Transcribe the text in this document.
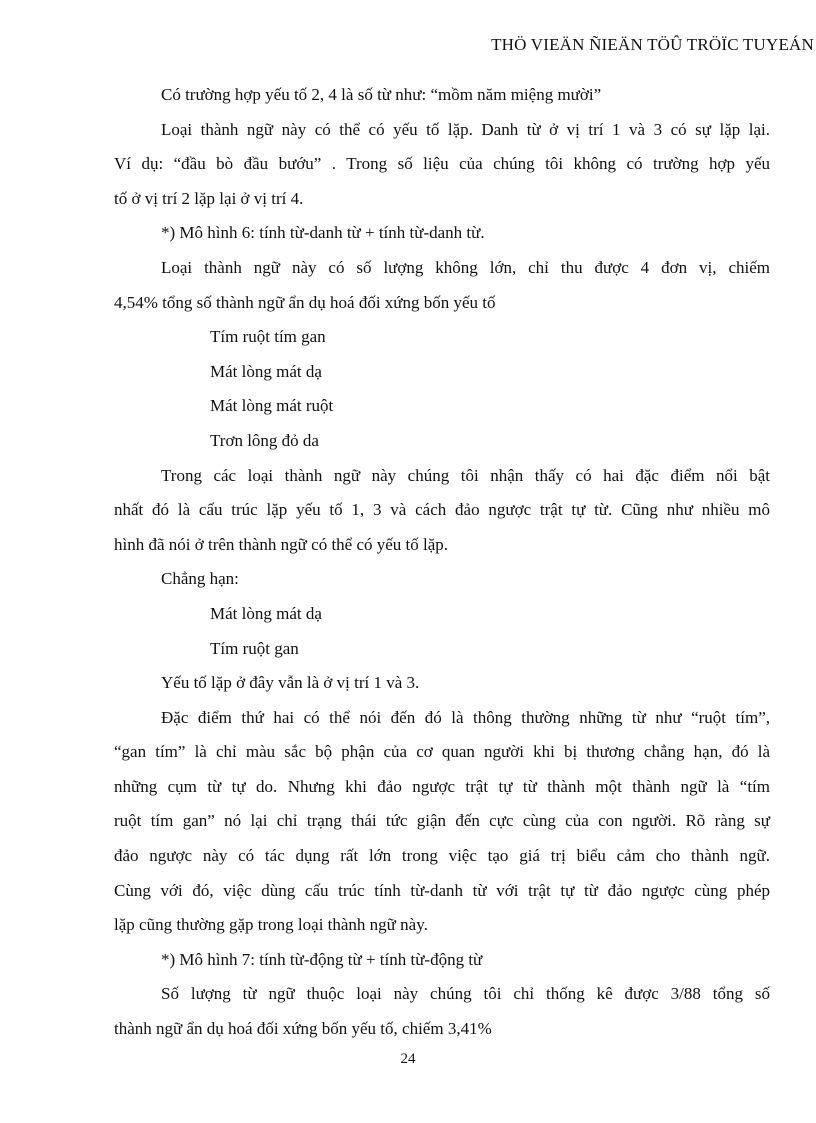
THÖ VIEÄN ÑIEÄN TÖÛ TRÖÏC TUYEÁN

Có trường hợp yếu tố 2, 4 là số từ như: “mồm năm miệng mười”

Loại thành ngữ này có thể có yếu tố lặp. Danh từ ở vị trí 1 và 3 có sự lặp lại.

Ví dụ: “đầu bò đầu bướu” . Trong số liệu của chúng tôi không có trường hợp yếu

tố ở vị trí 2 lặp lại ở vị trí 4.

*) Mô hình 6: tính từ-danh từ + tính từ-danh từ.

Loại thành ngữ này có số lượng không lớn, chỉ thu được 4 đơn vị, chiếm

4,54% tổng số thành ngữ ẩn dụ hoá đối xứng bốn yếu tố

Tím ruột tím gan

Mát lòng mát dạ

Mát lòng mát ruột

Trơn lông đỏ da

Trong các loại thành ngữ này chúng tôi nhận thấy có hai đặc điểm nổi bật

nhất đó là cấu trúc lặp yếu tố 1, 3 và cách đảo ngược trật tự từ. Cũng như nhiều mô

hình đã nói ở trên thành ngữ có thể có yếu tố lặp.

Chẳng hạn:

Mát lòng mát dạ

Tím ruột gan

Yếu tố lặp ở đây vẫn là ở vị trí 1 và 3.

Đặc điểm thứ hai có thể nói đến đó là thông thường những từ như “ruột tím”,

“gan tím” là chỉ màu sắc bộ phận của cơ quan người khi bị thương chẳng hạn, đó là

những cụm từ tự do. Nhưng khi đảo ngược trật tự từ thành một thành ngữ là “tím

ruột tím gan” nó lại chỉ trạng thái tức giận đến cực cùng của con người. Rõ ràng sự

đảo ngược này có tác dụng rất lớn trong việc tạo giá trị biểu cảm cho thành ngữ.

Cùng với đó, việc dùng cấu trúc tính từ-danh từ với trật tự từ đảo ngược cùng phép

lặp cũng thường gặp trong loại thành ngữ này.

*) Mô hình 7: tính từ-động từ + tính từ-động từ

Số lượng từ ngữ thuộc loại này chúng tôi chỉ thống kê được 3/88 tổng số

thành ngữ ẩn dụ hoá đối xứng bốn yếu tố, chiếm 3,41%

24
